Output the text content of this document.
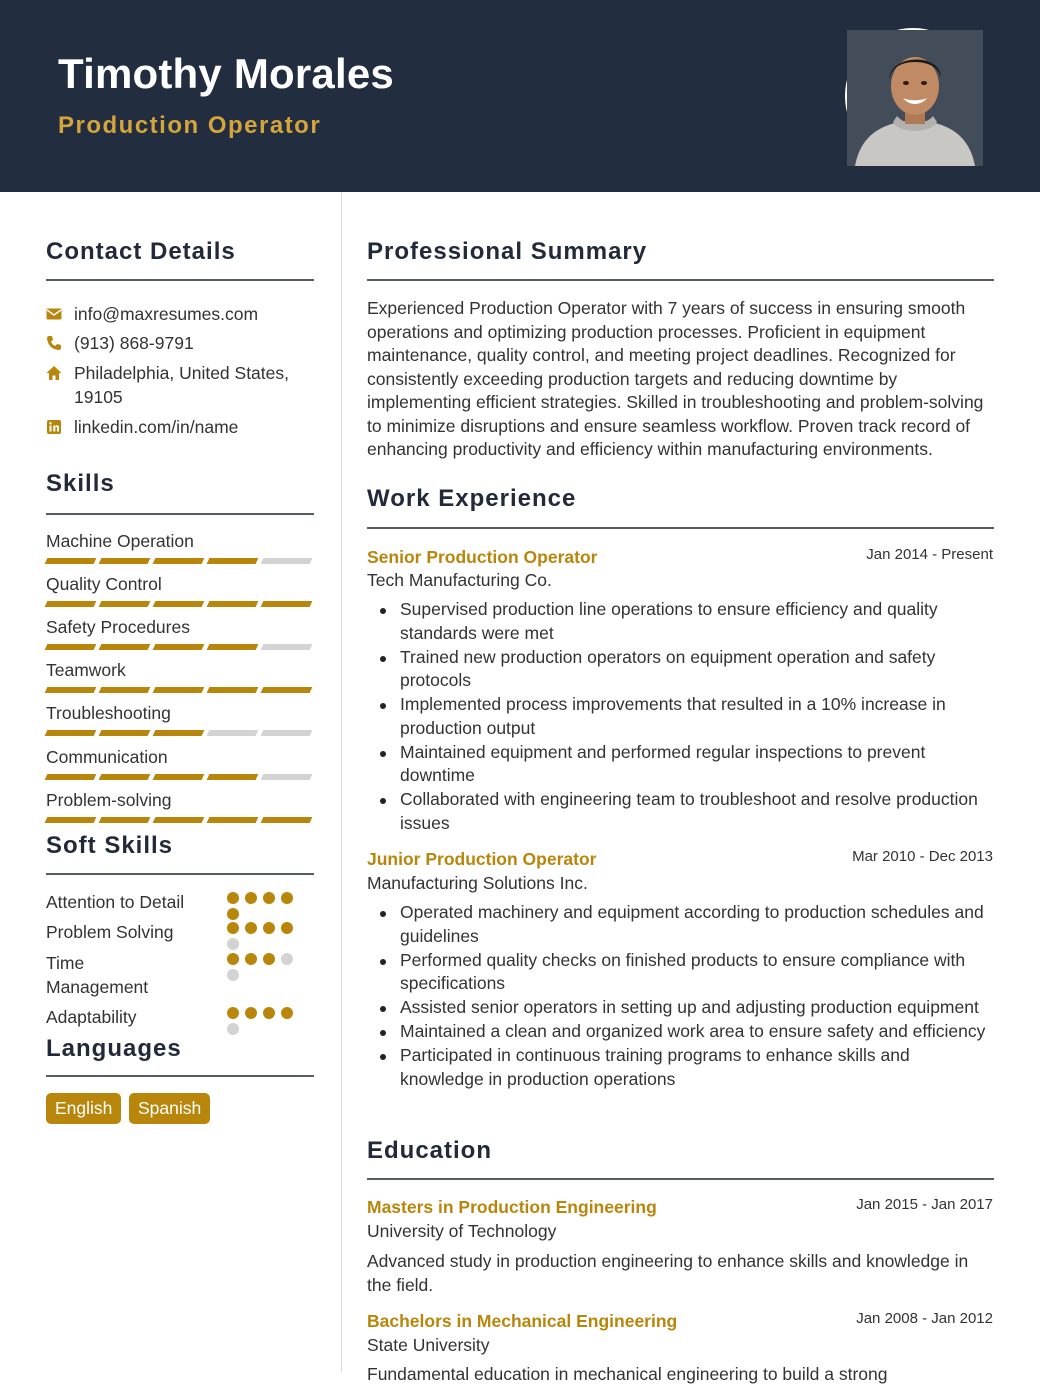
Timothy Morales
Production Operator
Contact Details
info@maxresumes.com
(913) 868-9791
Philadelphia, United States, 19105
linkedin.com/in/name
Skills
Machine Operation
Quality Control
Safety Procedures
Teamwork
Troubleshooting
Communication
Problem-solving
Soft Skills
Attention to Detail
Problem Solving
Time Management
Adaptability
Languages
English	Spanish
Professional Summary
Experienced Production Operator with 7 years of success in ensuring smooth operations and optimizing production processes. Proficient in equipment maintenance, quality control, and meeting project deadlines. Recognized for consistently exceeding production targets and reducing downtime by implementing efficient strategies. Skilled in troubleshooting and problem-solving to minimize disruptions and ensure seamless workflow. Proven track record of enhancing productivity and efficiency within manufacturing environments.
Work Experience
Senior Production Operator	Jan 2014 - Present
Tech Manufacturing Co.
Supervised production line operations to ensure efficiency and quality standards were met
Trained new production operators on equipment operation and safety protocols
Implemented process improvements that resulted in a 10% increase in production output
Maintained equipment and performed regular inspections to prevent downtime
Collaborated with engineering team to troubleshoot and resolve production issues
Junior Production Operator	Mar 2010 - Dec 2013
Manufacturing Solutions Inc.
Operated machinery and equipment according to production schedules and guidelines
Performed quality checks on finished products to ensure compliance with specifications
Assisted senior operators in setting up and adjusting production equipment
Maintained a clean and organized work area to ensure safety and efficiency
Participated in continuous training programs to enhance skills and knowledge in production operations
Education
Masters in Production Engineering	Jan 2015 - Jan 2017
University of Technology
Advanced study in production engineering to enhance skills and knowledge in the field.
Bachelors in Mechanical Engineering	Jan 2008 - Jan 2012
State University
Fundamental education in mechanical engineering to build a strong
